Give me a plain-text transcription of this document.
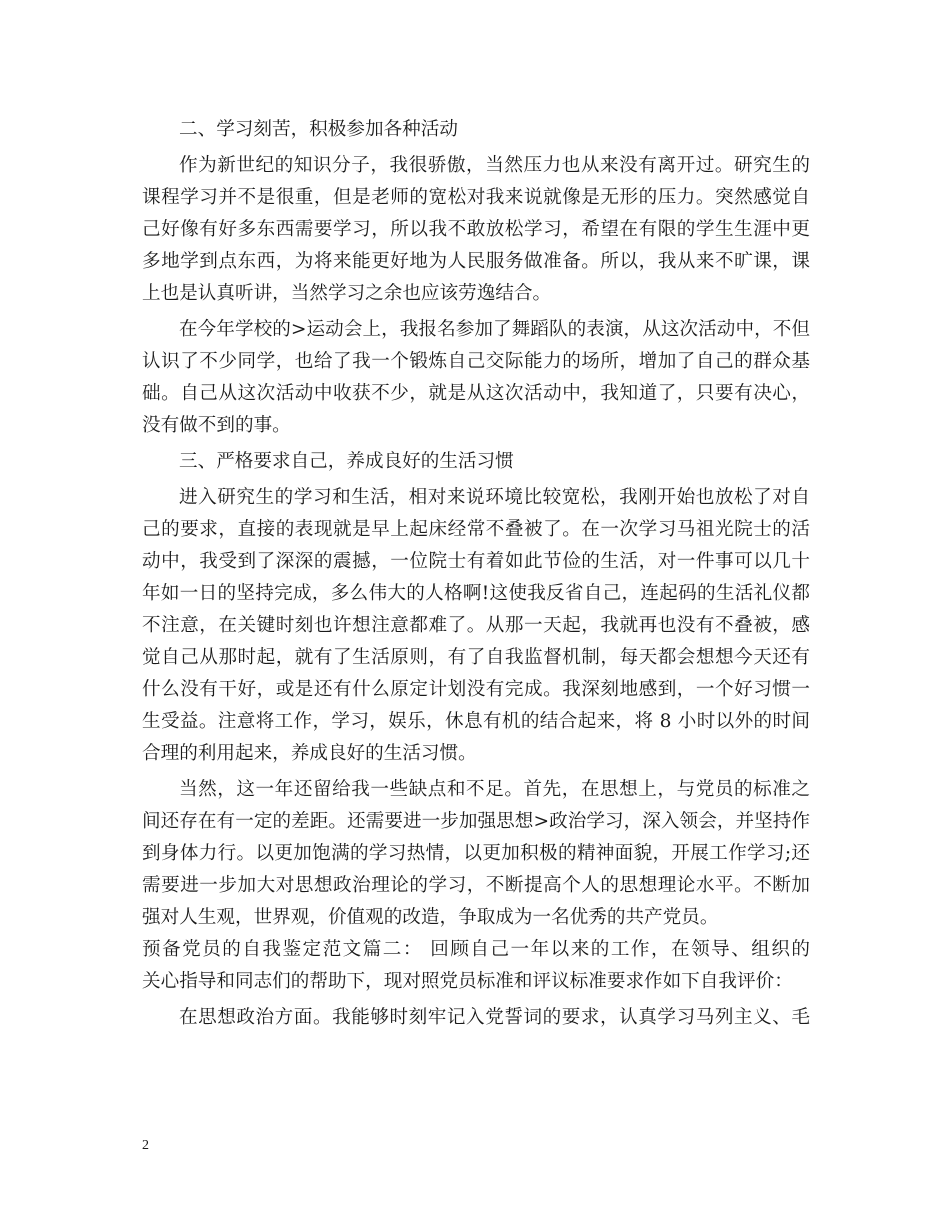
二、学习刻苦，积极参加各种活动
作为新世纪的知识分子，我很骄傲，当然压力也从来没有离开过。研究生的
课程学习并不是很重，但是老师的宽松对我来说就像是无形的压力。突然感觉自
己好像有好多东西需要学习，所以我不敢放松学习，希望在有限的学生生涯中更
多地学到点东西，为将来能更好地为人民服务做准备。所以，我从来不旷课，课
上也是认真听讲，当然学习之余也应该劳逸结合。
在今年学校的>运动会上，我报名参加了舞蹈队的表演，从这次活动中，不但
认识了不少同学，也给了我一个锻炼自己交际能力的场所，增加了自己的群众基
础。自己从这次活动中收获不少，就是从这次活动中，我知道了，只要有决心，
没有做不到的事。
三、严格要求自己，养成良好的生活习惯
进入研究生的学习和生活，相对来说环境比较宽松，我刚开始也放松了对自
己的要求，直接的表现就是早上起床经常不叠被了。在一次学习马祖光院士的活
动中，我受到了深深的震撼，一位院士有着如此节俭的生活，对一件事可以几十
年如一日的坚持完成，多么伟大的人格啊!这使我反省自己，连起码的生活礼仪都
不注意，在关键时刻也许想注意都难了。从那一天起，我就再也没有不叠被，感
觉自己从那时起，就有了生活原则，有了自我监督机制，每天都会想想今天还有
什么没有干好，或是还有什么原定计划没有完成。我深刻地感到，一个好习惯一
生受益。注意将工作，学习，娱乐，休息有机的结合起来，将 8 小时以外的时间
合理的利用起来，养成良好的生活习惯。
当然，这一年还留给我一些缺点和不足。首先，在思想上，与党员的标准之
间还存在有一定的差距。还需要进一步加强思想>政治学习，深入领会，并坚持作
到身体力行。以更加饱满的学习热情，以更加积极的精神面貌，开展工作学习;还
需要进一步加大对思想政治理论的学习，不断提高个人的思想理论水平。不断加
强对人生观，世界观，价值观的改造，争取成为一名优秀的共产党员。
预备党员的自我鉴定范文篇二： 回顾自己一年以来的工作，在领导、组织的
关心指导和同志们的帮助下，现对照党员标准和评议标准要求作如下自我评价：
在思想政治方面。我能够时刻牢记入党誓词的要求，认真学习马列主义、毛
2
